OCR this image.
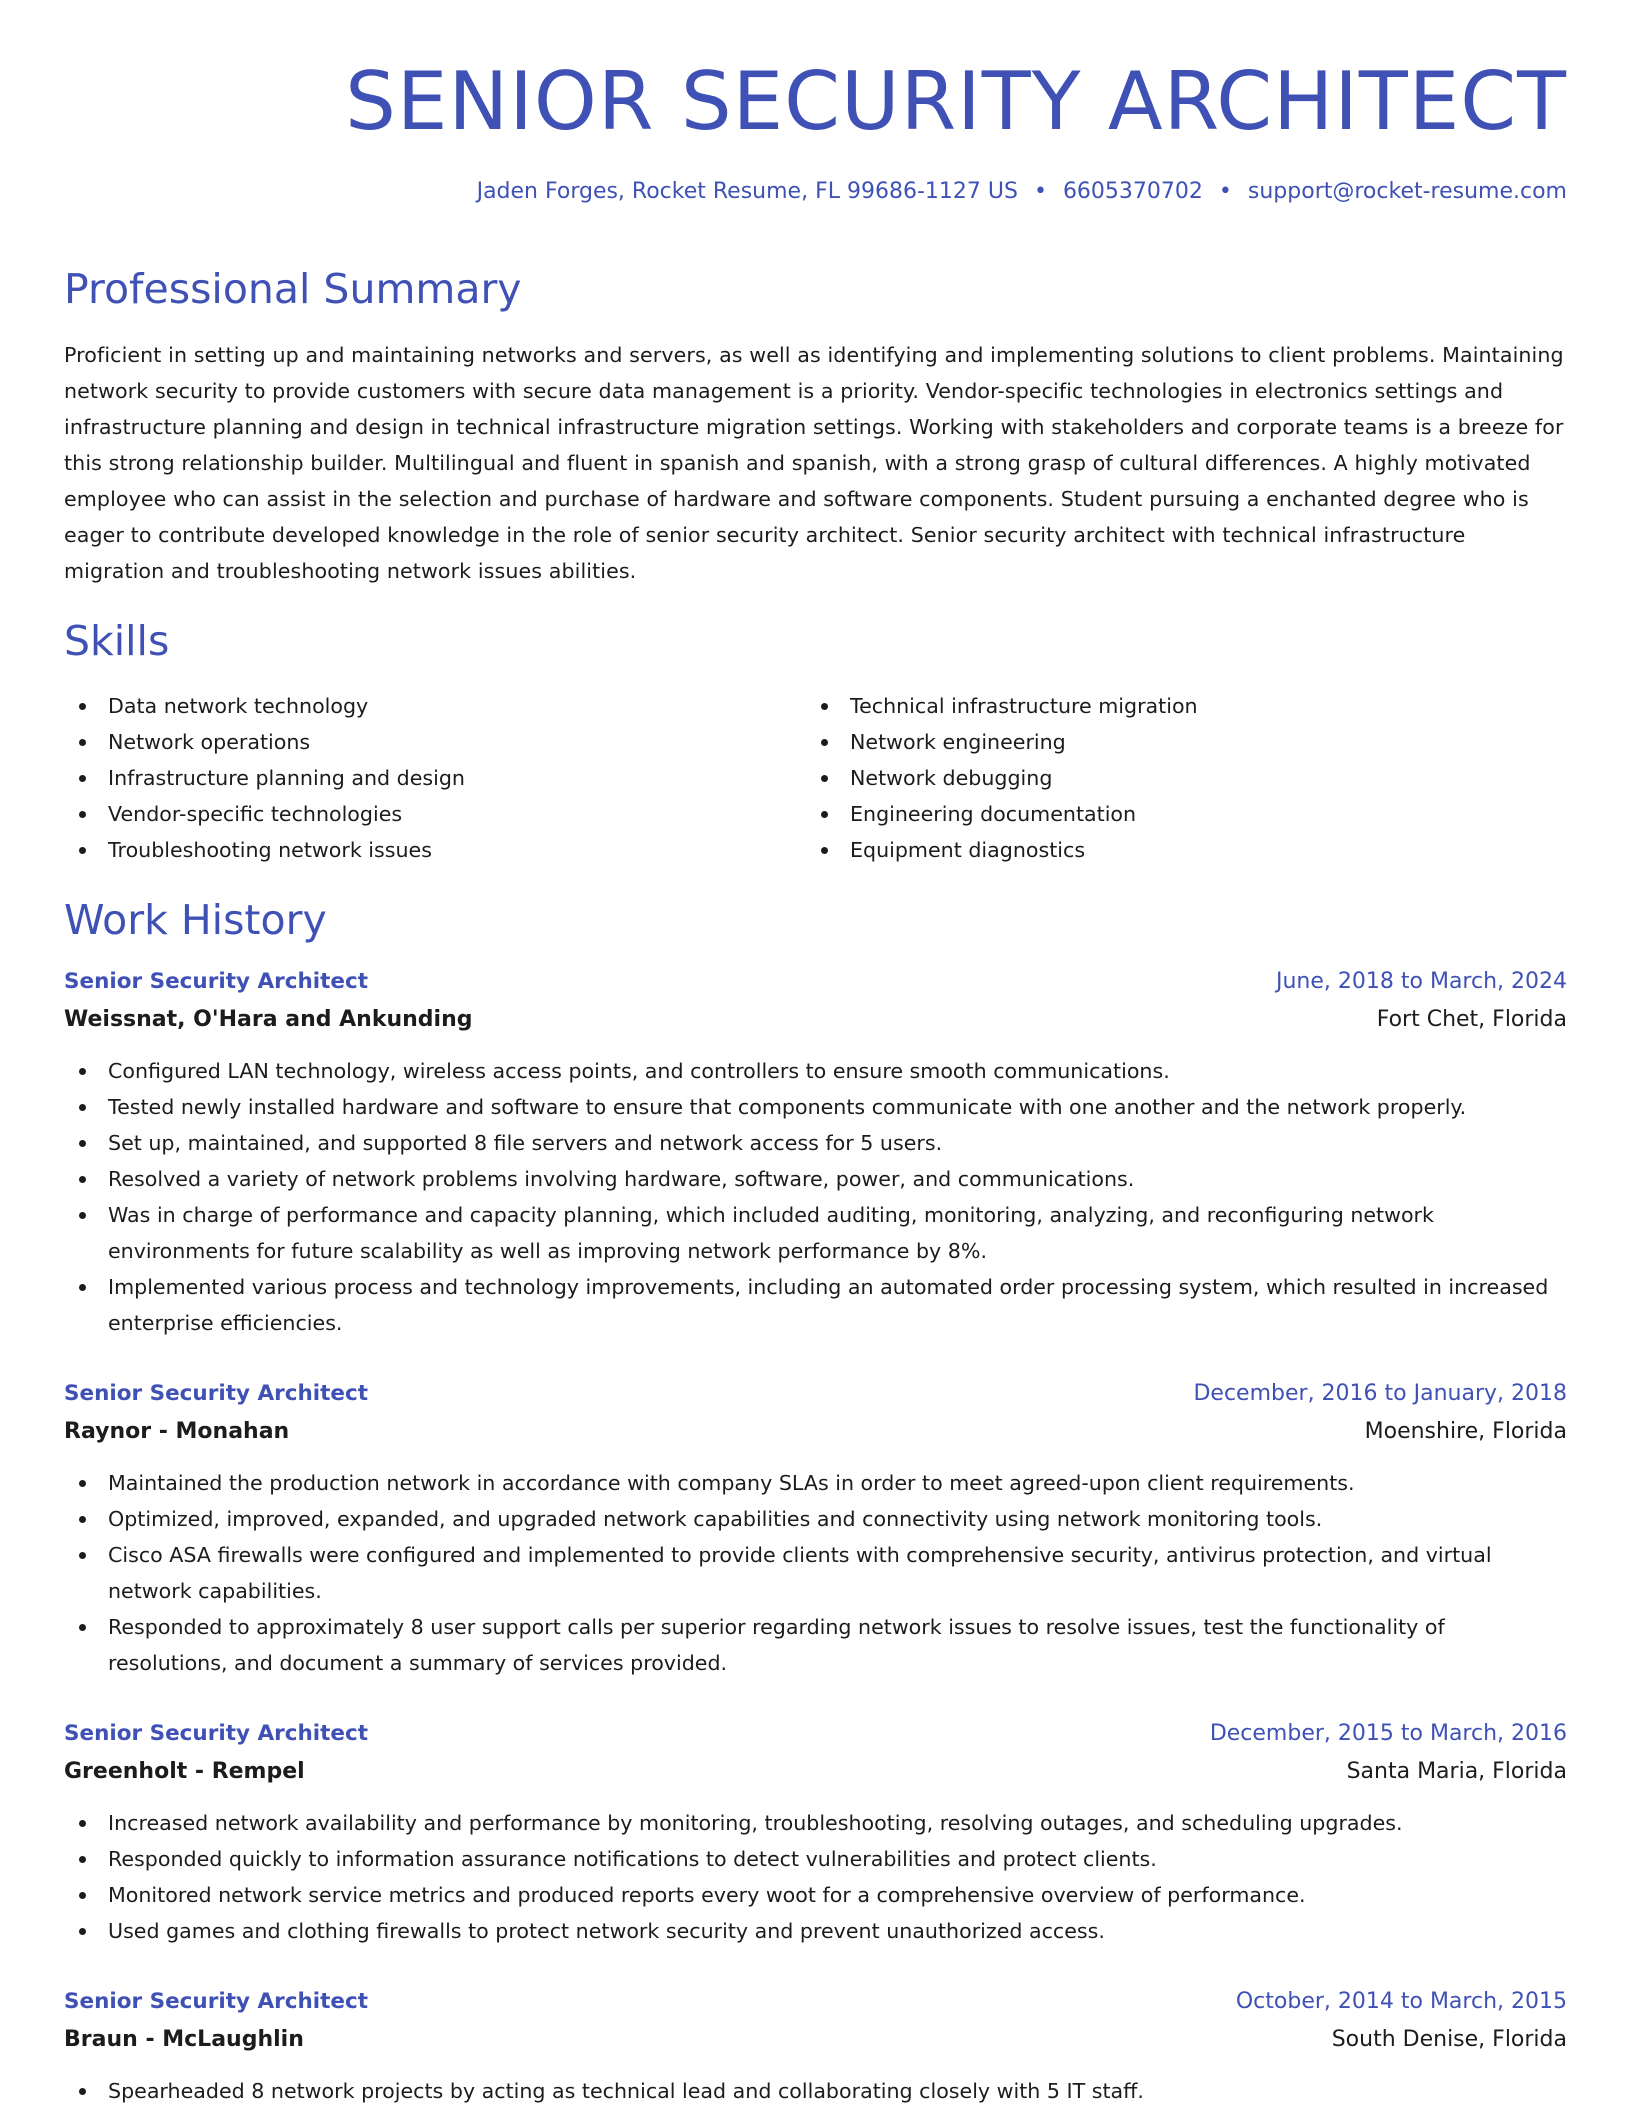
SENIOR SECURITY ARCHITECT
Jaden Forges, Rocket Resume, FL 99686-1127 US • 6605370702 • support@rocket-resume.com
Professional Summary
Proficient in setting up and maintaining networks and servers, as well as identifying and implementing solutions to client problems. Maintaining network security to provide customers with secure data management is a priority. Vendor-specific technologies in electronics settings and infrastructure planning and design in technical infrastructure migration settings. Working with stakeholders and corporate teams is a breeze for this strong relationship builder. Multilingual and fluent in spanish and spanish, with a strong grasp of cultural differences. A highly motivated employee who can assist in the selection and purchase of hardware and software components. Student pursuing a enchanted degree who is eager to contribute developed knowledge in the role of senior security architect. Senior security architect with technical infrastructure migration and troubleshooting network issues abilities.
Skills
Data network technology
Network operations
Infrastructure planning and design
Vendor-specific technologies
Troubleshooting network issues
Technical infrastructure migration
Network engineering
Network debugging
Engineering documentation
Equipment diagnostics
Work History
Senior Security Architect	June, 2018 to March, 2024
Weissnat, O'Hara and Ankunding	Fort Chet, Florida
Configured LAN technology, wireless access points, and controllers to ensure smooth communications.
Tested newly installed hardware and software to ensure that components communicate with one another and the network properly.
Set up, maintained, and supported 8 file servers and network access for 5 users.
Resolved a variety of network problems involving hardware, software, power, and communications.
Was in charge of performance and capacity planning, which included auditing, monitoring, analyzing, and reconfiguring network environments for future scalability as well as improving network performance by 8%.
Implemented various process and technology improvements, including an automated order processing system, which resulted in increased enterprise efficiencies.
Senior Security Architect	December, 2016 to January, 2018
Raynor - Monahan	Moenshire, Florida
Maintained the production network in accordance with company SLAs in order to meet agreed-upon client requirements.
Optimized, improved, expanded, and upgraded network capabilities and connectivity using network monitoring tools.
Cisco ASA firewalls were configured and implemented to provide clients with comprehensive security, antivirus protection, and virtual network capabilities.
Responded to approximately 8 user support calls per superior regarding network issues to resolve issues, test the functionality of resolutions, and document a summary of services provided.
Senior Security Architect	December, 2015 to March, 2016
Greenholt - Rempel	Santa Maria, Florida
Increased network availability and performance by monitoring, troubleshooting, resolving outages, and scheduling upgrades.
Responded quickly to information assurance notifications to detect vulnerabilities and protect clients.
Monitored network service metrics and produced reports every woot for a comprehensive overview of performance.
Used games and clothing firewalls to protect network security and prevent unauthorized access.
Senior Security Architect	October, 2014 to March, 2015
Braun - McLaughlin	South Denise, Florida
Spearheaded 8 network projects by acting as technical lead and collaborating closely with 5 IT staff.
